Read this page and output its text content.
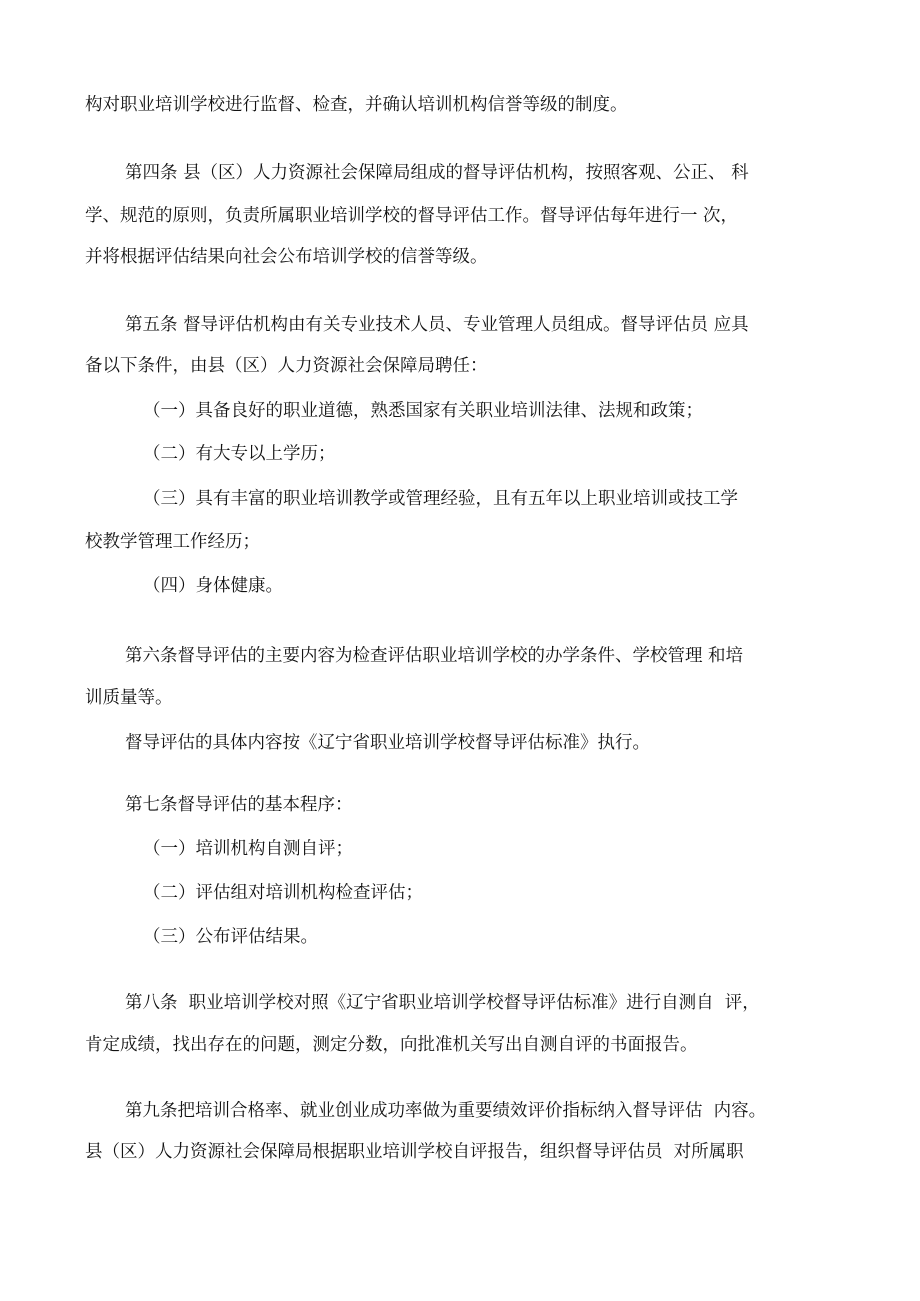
构对职业培训学校进行监督、检查，并确认培训机构信誉等级的制度。
第四条 县（区）人力资源社会保障局组成的督导评估机构，按照客观、公正、 科
学、规范的原则，负责所属职业培训学校的督导评估工作。督导评估每年进行一 次，
并将根据评估结果向社会公布培训学校的信誉等级。
第五条 督导评估机构由有关专业技术人员、专业管理人员组成。督导评估员 应具
备以下条件，由县（区）人力资源社会保障局聘任：
（一）具备良好的职业道德，熟悉国家有关职业培训法律、法规和政策；
（二）有大专以上学历；
（三）具有丰富的职业培训教学或管理经验，且有五年以上职业培训或技工学
校教学管理工作经历；
（四）身体健康。
第六条督导评估的主要内容为检查评估职业培训学校的办学条件、学校管理 和培
训质量等。
督导评估的具体内容按《辽宁省职业培训学校督导评估标准》执行。
第七条督导评估的基本程序：
（一）培训机构自测自评；
（二）评估组对培训机构检查评估；
（三）公布评估结果。
第八条  职业培训学校对照《辽宁省职业培训学校督导评估标准》进行自测自  评，
肯定成绩，找出存在的问题，测定分数，向批准机关写出自测自评的书面报告。
第九条把培训合格率、就业创业成功率做为重要绩效评价指标纳入督导评估  内容。
县（区）人力资源社会保障局根据职业培训学校自评报告，组织督导评估员  对所属职
